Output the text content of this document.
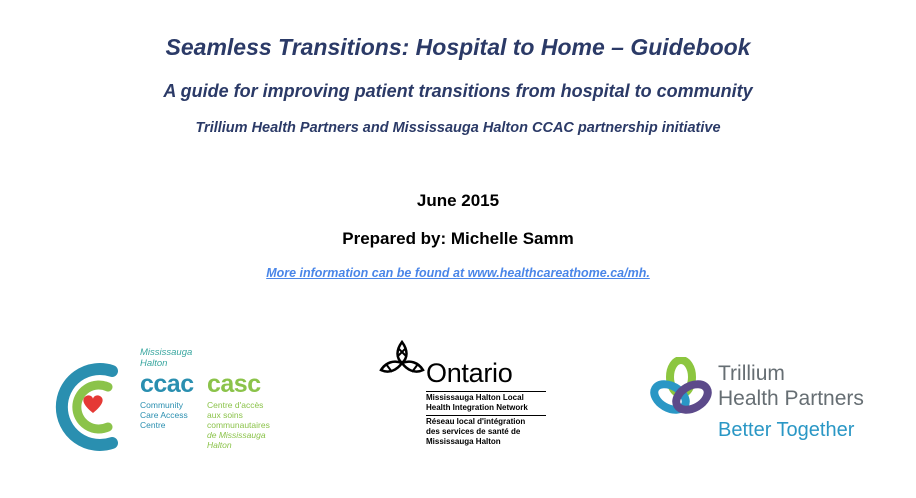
Seamless Transitions: Hospital to Home – Guidebook
A guide for improving patient transitions from hospital to community

Trillium Health Partners and Mississauga Halton CCAC partnership initiative

June 2015

Prepared by: Michelle Samm

More information can be found at www.healthcareathome.ca/mh.
Mississauga
Halton
ccac casc
Community
Care Access
Centre
Centre d'accès
aux soins
communautaires
de Mississauga
Halton
Ontario
Mississauga Halton Local
Health Integration Network
Réseau local d'intégration
des services de santé de
Mississauga Halton
Trillium
Health Partners
Better Together
